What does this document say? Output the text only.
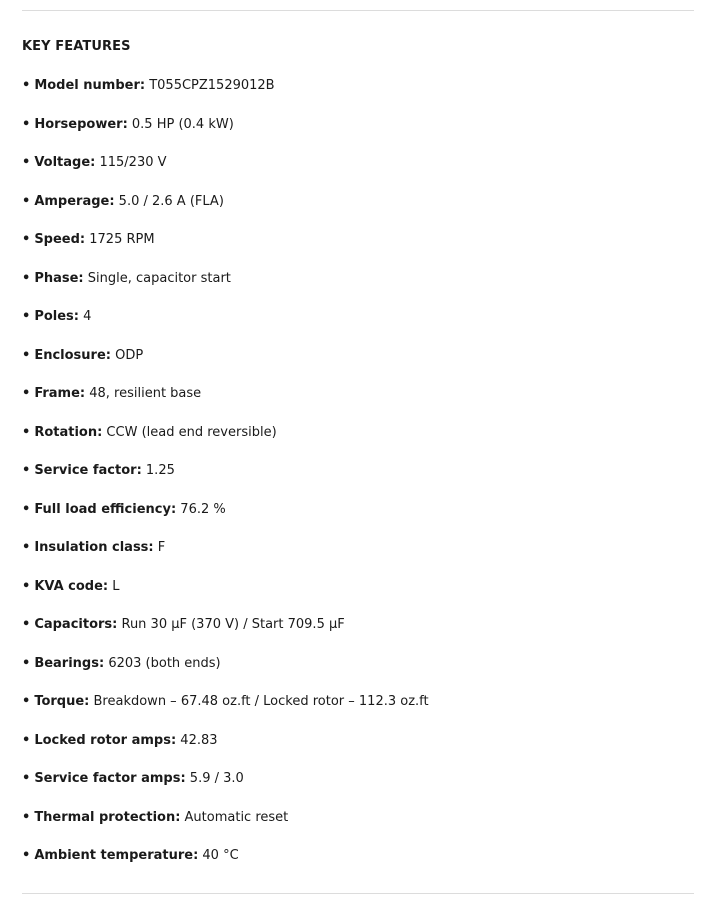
KEY FEATURES
• Model number: T055CPZ1529012B
• Horsepower: 0.5 HP (0.4 kW)
• Voltage: 115/230 V
• Amperage: 5.0 / 2.6 A (FLA)
• Speed: 1725 RPM
• Phase: Single, capacitor start
• Poles: 4
• Enclosure: ODP
• Frame: 48, resilient base
• Rotation: CCW (lead end reversible)
• Service factor: 1.25
• Full load efficiency: 76.2 %
• Insulation class: F
• KVA code: L
• Capacitors: Run 30 µF (370 V) / Start 709.5 µF
• Bearings: 6203 (both ends)
• Torque: Breakdown – 67.48 oz.ft / Locked rotor – 112.3 oz.ft
• Locked rotor amps: 42.83
• Service factor amps: 5.9 / 3.0
• Thermal protection: Automatic reset
• Ambient temperature: 40 °C
